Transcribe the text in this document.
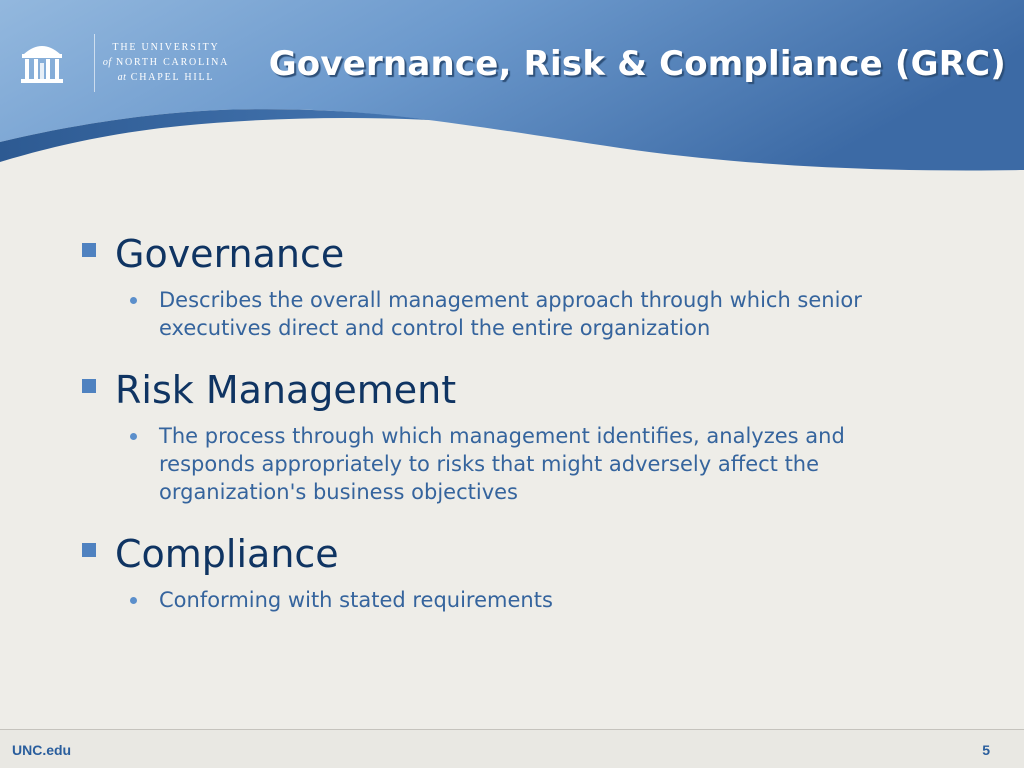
THE UNIVERSITY
of NORTH CAROLINA
at CHAPEL HILL	Governance, Risk & Compliance (GRC)
Governance
Describes the overall management approach through which senior executives direct and control the entire organization
Risk Management
The process through which management identifies, analyzes and responds appropriately to risks that might adversely affect the organization's business objectives
Compliance
Conforming with stated requirements
UNC.edu	5
